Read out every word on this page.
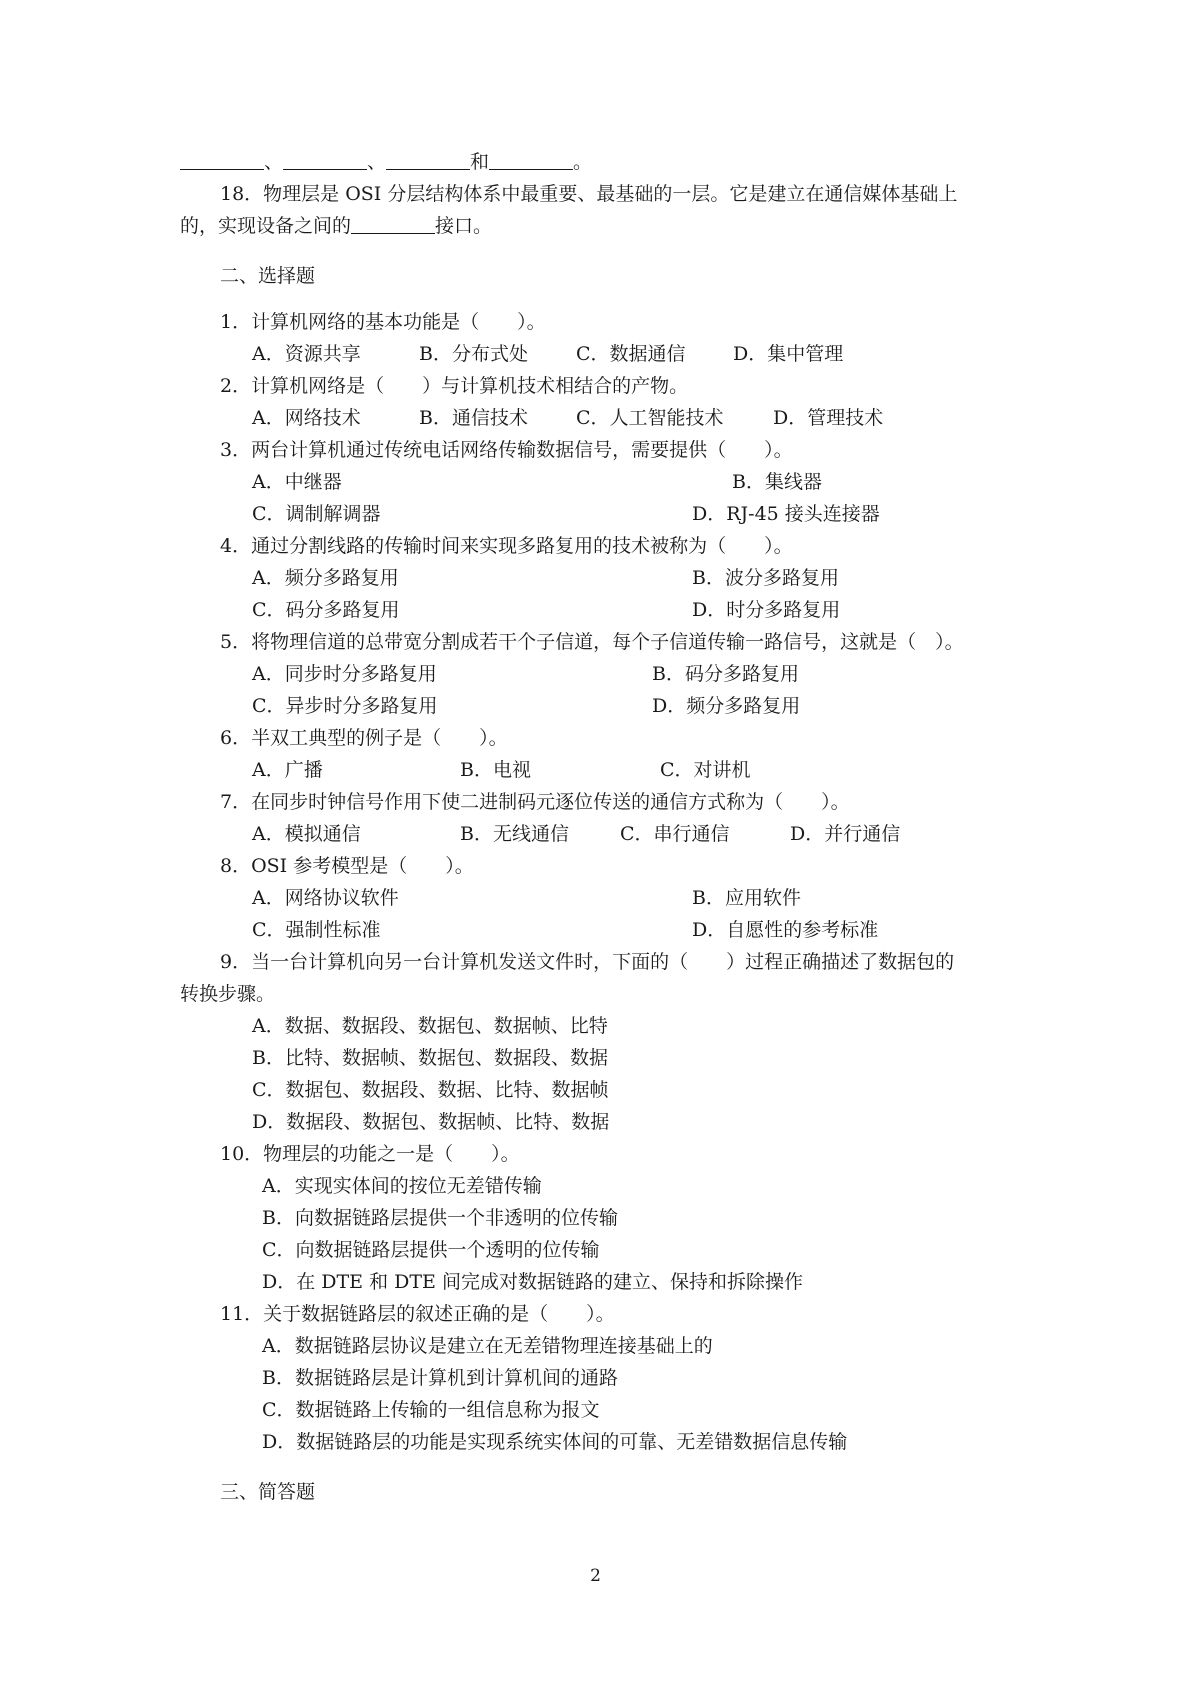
、	、	和	。
18．物理层是 OSI 分层结构体系中最重要、最基础的一层。它是建立在通信媒体基础上
的，实现设备之间的	接口。
二、选择题
1．计算机网络的基本功能是（　　）。
A．资源共享	B．分布式处	C．数据通信	D．集中管理
2．计算机网络是（　　）与计算机技术相结合的产物。
A．网络技术	B．通信技术	C．人工智能技术	D．管理技术
3．两台计算机通过传统电话网络传输数据信号，需要提供（　　）。
A．中继器	B．集线器
C．调制解调器	D．RJ-45 接头连接器
4．通过分割线路的传输时间来实现多路复用的技术被称为（　　）。
A．频分多路复用	B．波分多路复用
C．码分多路复用	D．时分多路复用
5．将物理信道的总带宽分割成若干个子信道，每个子信道传输一路信号，这就是（　）。
A．同步时分多路复用	B．码分多路复用
C．异步时分多路复用	D．频分多路复用
6．半双工典型的例子是（　　）。
A．广播	B．电视	C．对讲机
7．在同步时钟信号作用下使二进制码元逐位传送的通信方式称为（　　）。
A．模拟通信	B．无线通信	C．串行通信	D．并行通信
8．OSI 参考模型是（　　）。
A．网络协议软件	B．应用软件
C．强制性标准	D．自愿性的参考标准
9．当一台计算机向另一台计算机发送文件时，下面的（　　）过程正确描述了数据包的
转换步骤。
A．数据、数据段、数据包、数据帧、比特
B．比特、数据帧、数据包、数据段、数据
C．数据包、数据段、数据、比特、数据帧
D．数据段、数据包、数据帧、比特、数据
10．物理层的功能之一是（　　）。
A．实现实体间的按位无差错传输
B．向数据链路层提供一个非透明的位传输
C．向数据链路层提供一个透明的位传输
D．在 DTE 和 DTE 间完成对数据链路的建立、保持和拆除操作
11．关于数据链路层的叙述正确的是（　　）。
A．数据链路层协议是建立在无差错物理连接基础上的
B．数据链路层是计算机到计算机间的通路
C．数据链路上传输的一组信息称为报文
D．数据链路层的功能是实现系统实体间的可靠、无差错数据信息传输
三、简答题
2
